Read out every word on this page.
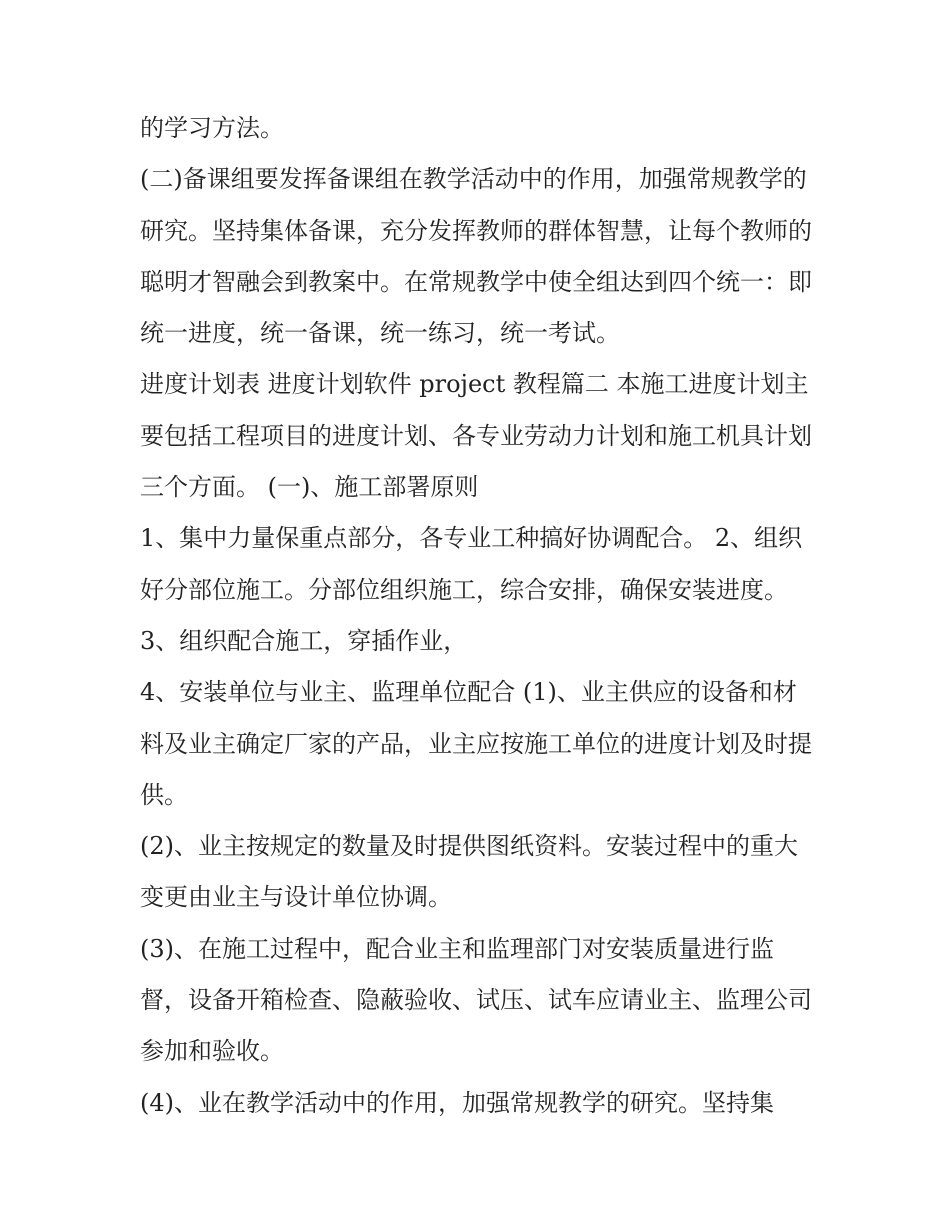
的学习方法。

(二)备课组要发挥备课组在教学活动中的作用，加强常规教学的研究。坚持集体备课，充分发挥教师的群体智慧，让每个教师的聪明才智融会到教案中。在常规教学中使全组达到四个统一：即统一进度，统一备课，统一练习，统一考试。

进度计划表 进度计划软件 project 教程篇二 本施工进度计划主要包括工程项目的进度计划、各专业劳动力计划和施工机具计划三个方面。 (一)、施工部署原则

1、集中力量保重点部分，各专业工种搞好协调配合。 2、组织好分部位施工。分部位组织施工，综合安排，确保安装进度。 3、组织配合施工，穿插作业，

4、安装单位与业主、监理单位配合 (1)、业主供应的设备和材料及业主确定厂家的产品，业主应按施工单位的进度计划及时提供。

(2)、业主按规定的数量及时提供图纸资料。安装过程中的重大变更由业主与设计单位协调。

(3)、在施工过程中，配合业主和监理部门对安装质量进行监督，设备开箱检查、隐蔽验收、试压、试车应请业主、监理公司参加和验收。

(4)、业在教学活动中的作用，加强常规教学的研究。坚持集
